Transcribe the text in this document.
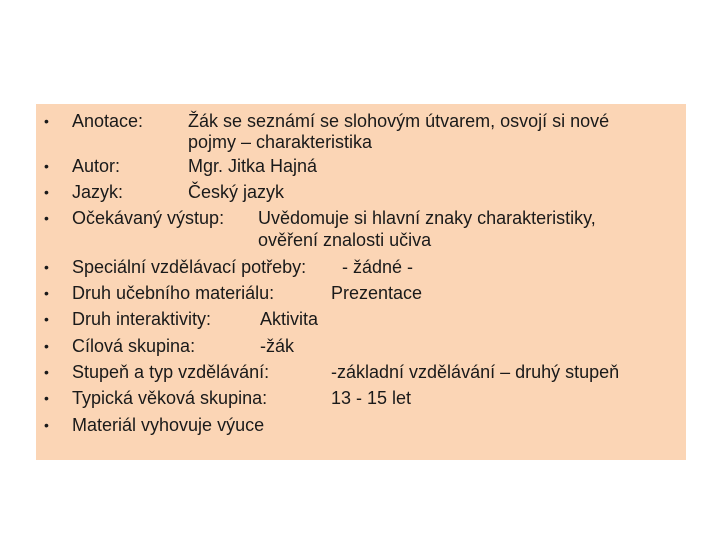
• Anotace: Žák se seznámí se slohovým útvarem, osvojí si nové
pojmy – charakteristika
• Autor:	Mgr. Jitka Hajná
• Jazyk:	Český jazyk
• Očekávaný výstup: Uvědomuje si hlavní znaky charakteristiky,
ověření znalosti učiva
• Speciální vzdělávací potřeby: - žádné -
• Druh učebního materiálu:	Prezentace
• Druh interaktivity:	Aktivita
• Cílová skupina:	-žák
• Stupeň a typ vzdělávání:	-základní vzdělávání – druhý stupeň
• Typická věková skupina:	13 - 15 let
• Materiál vyhovuje výuce
